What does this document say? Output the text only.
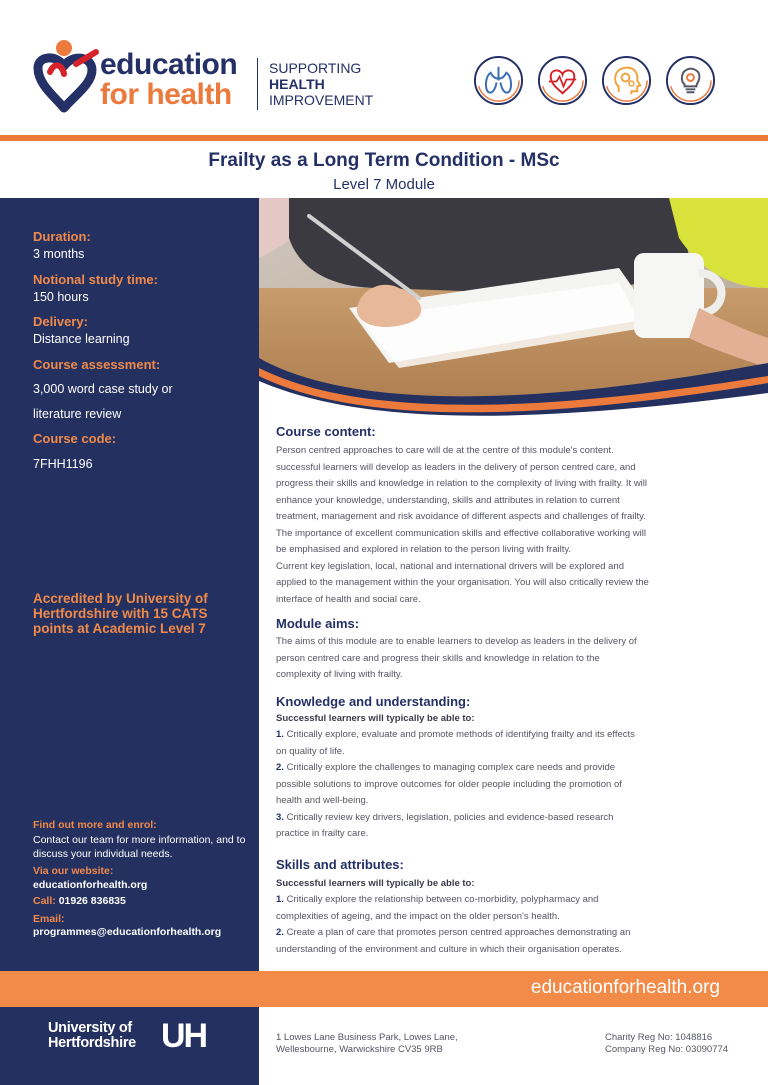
education
for health
SUPPORTING
HEALTH
IMPROVEMENT
Frailty as a Long Term Condition - MSc
Level 7 Module
Duration:
3 months
Notional study time:
150 hours
Delivery:
Distance learning
Course assessment:
3,000 word case study or
literature review
Course code:
7FHH1196
Accredited by University of Hertfordshire with 15 CATS points at Academic Level 7
Find out more and enrol:
Contact our team for more information, and to discuss your individual needs.
Via our website:
educationforhealth.org
Call: 01926 836835
Email:
programmes@educationforhealth.org
Course content:
Person centred approaches to care will de at the centre of this module's content.
successful learners will develop as leaders in the delivery of person centred care, and
progress their skills and knowledge in relation to the complexity of living with frailty. It will
enhance your knowledge, understanding, skills and attributes in relation to current
treatment, management and risk avoidance of different aspects and challenges of frailty.
The importance of excellent communication skills and effective collaborative working will
be emphasised and explored in relation to the person living with frailty.
Current key legislation, local, national and international drivers will be explored and
applied to the management within the your organisation. You will also critically review the
interface of health and social care.
Module aims:
The aims of this module are to enable learners to develop as leaders in the delivery of
person centred care and progress their skills and knowledge in relation to the
complexity of living with frailty.
Knowledge and understanding:
Successful learners will typically be able to:
1. Critically explore, evaluate and promote methods of identifying frailty and its effects
on quality of life.
2. Critically explore the challenges to managing complex care needs and provide
possible solutions to improve outcomes for older people including the promotion of
health and well-being.
3. Critically review key drivers, legislation, policies and evidence-based research
practice in frailty care.
Skills and attributes:
Successful learners will typically be able to:
1. Critically explore the relationship between co-morbidity, polypharmacy and
complexities of ageing, and the impact on the older person's health.
2. Create a plan of care that promotes person centred approaches demonstrating an
understanding of the environment and culture in which their organisation operates.
educationforhealth.org
University of
Hertfordshire UH	1 Lowes Lane Business Park, Lowes Lane,
Wellesbourne, Warwickshire CV35 9RB
Charity Reg No: 1048816
Company Reg No: 03090774
